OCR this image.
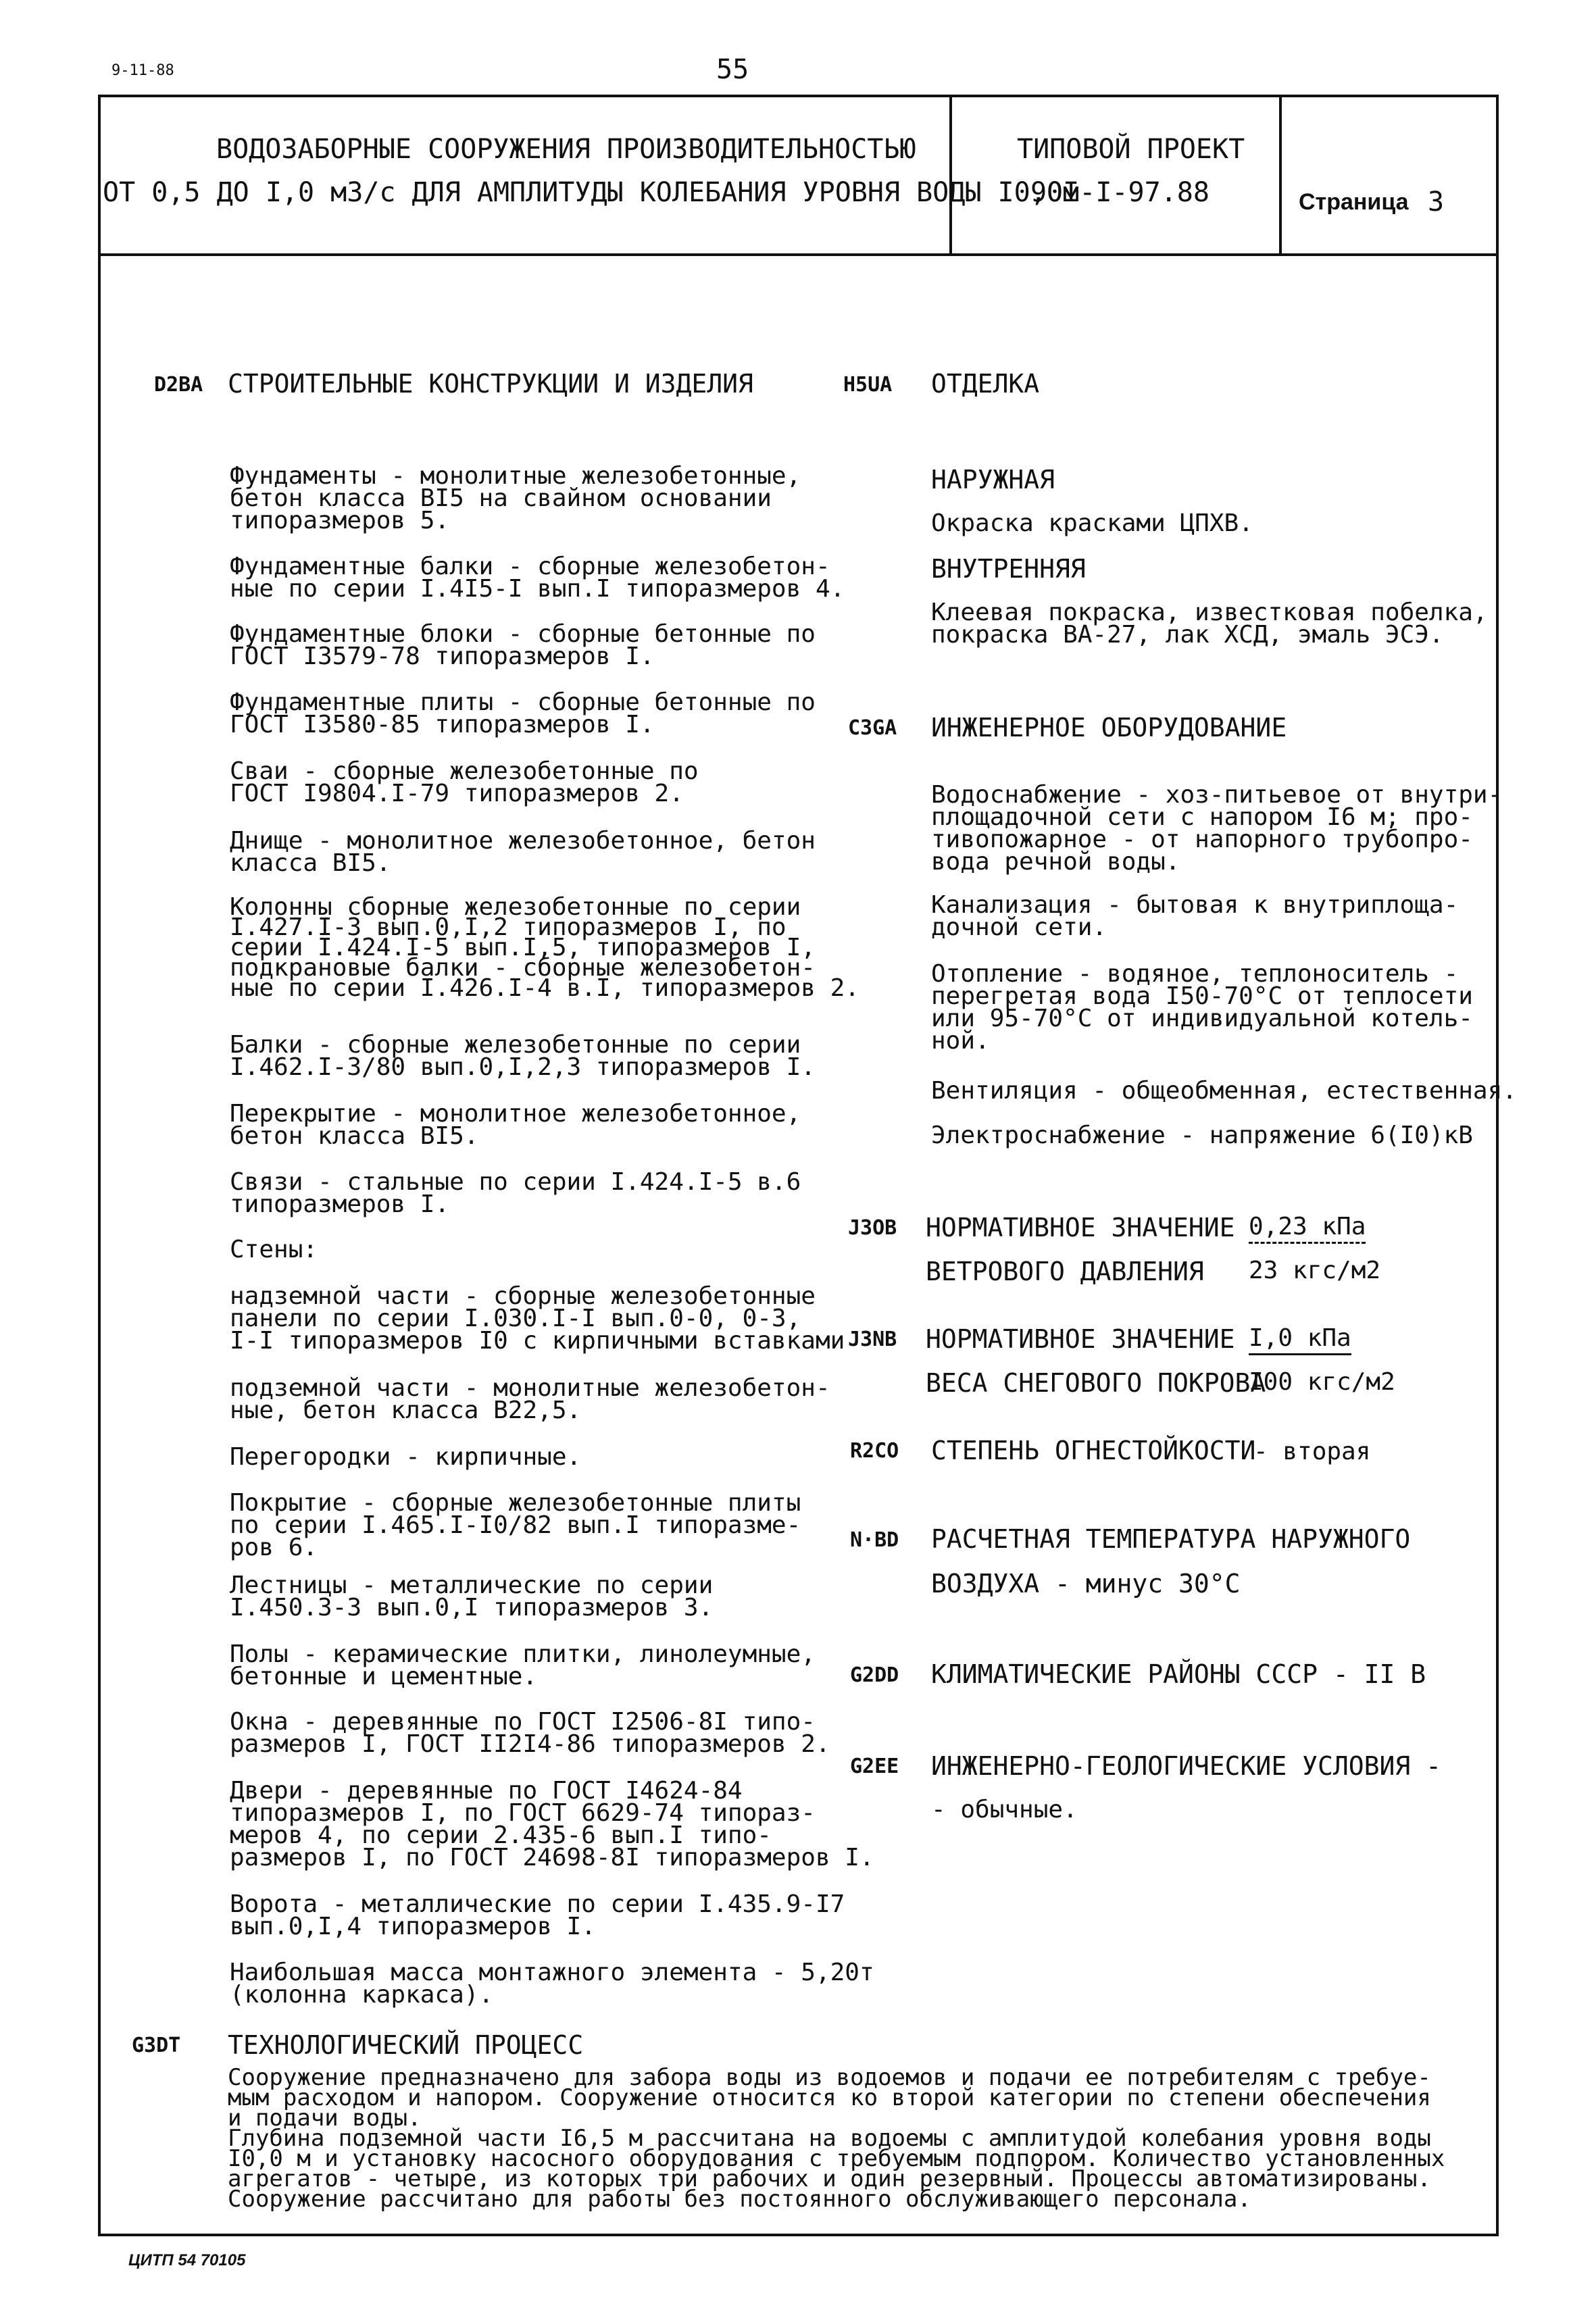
9-11-88	55
ВОДОЗАБОРНЫЕ СООРУЖЕНИЯ ПРОИЗВОДИТЕЛЬНОСТЬЮ
ОТ 0,5 ДО I,0 м3/с ДЛЯ АМПЛИТУДЫ КОЛЕБАНИЯ УРОВНЯ ВОДЫ I0,0м
ТИПОВОЙ ПРОЕКТ
90I-I-97.88	Страница 3
D2BA СТРОИТЕЛЬНЫЕ КОНСТРУКЦИИ И ИЗДЕЛИЯ
Фундаменты - монолитные железобетонные,
бетон класса BI5 на свайном основании
типоразмеров 5.
Фундаментные балки - сборные железобетон-
ные по серии I.4I5-I вып.I типоразмеров 4.
Фундаментные блоки - сборные бетонные по
ГОСТ I3579-78 типоразмеров I.
Фундаментные плиты - сборные бетонные по
ГОСТ I3580-85 типоразмеров I.
Сваи - сборные железобетонные по
ГОСТ I9804.I-79 типоразмеров 2.
Днище - монолитное железобетонное, бетон
класса BI5.
Колонны сборные железобетонные по серии
I.427.I-3 вып.0,I,2 типоразмеров I, по
серии I.424.I-5 вып.I,5, типоразмеров I,
подкрановые балки - сборные железобетон-
ные по серии I.426.I-4 в.I, типоразмеров 2.
Балки - сборные железобетонные по серии
I.462.I-3/80 вып.0,I,2,3 типоразмеров I.
Перекрытие - монолитное железобетонное,
бетон класса BI5.
Связи - стальные по серии I.424.I-5 в.6
типоразмеров I.
Стены:
надземной части - сборные железобетонные
панели по серии I.030.I-I вып.0-0, 0-3,
I-I типоразмеров I0 с кирпичными вставками
подземной части - монолитные железобетон-
ные, бетон класса B22,5.
Перегородки - кирпичные.
Покрытие - сборные железобетонные плиты
по серии I.465.I-I0/82 вып.I типоразме-
ров 6.
Лестницы - металлические по серии
I.450.3-3 вып.0,I типоразмеров 3.
Полы - керамические плитки, линолеумные,
бетонные и цементные.
Окна - деревянные по ГОСТ I2506-8I типо-
размеров I, ГОСТ II2I4-86 типоразмеров 2.
Двери - деревянные по ГОСТ I4624-84
типоразмеров I, по ГОСТ 6629-74 типораз-
меров 4, по серии 2.435-6 вып.I типо-
размеров I, по ГОСТ 24698-8I типоразмеров I.
Ворота - металлические по серии I.435.9-I7
вып.0,I,4 типоразмеров I.
Наибольшая масса монтажного элемента - 5,20т
(колонна каркаса).
H5UA ОТДЕЛКА
НАРУЖНАЯ
Окраска красками ЦПХВ.
ВНУТРЕННЯЯ
Клеевая покраска, известковая побелка,
покраска ВА-27, лак ХСД, эмаль ЭСЭ.
C3GA ИНЖЕНЕРНОЕ ОБОРУДОВАНИЕ
Водоснабжение - хоз-питьевое от внутри-
площадочной сети с напором I6 м; про-
тивопожарное - от напорного трубопро-
вода речной воды.
Канализация - бытовая к внутриплоща-
дочной сети.
Отопление - водяное, теплоноситель -
перегретая вода I50-70°С от теплосети
или 95-70°С от индивидуальной котель-
ной.
Вентиляция - общеобменная, естественная.
Электроснабжение - напряжение 6(I0)кВ
J3OB НОРМАТИВНОЕ ЗНАЧЕНИЕ
ВЕТРОВОГО ДАВЛЕНИЯ
0,23 кПа
23 кгс/м2
J3NB НОРМАТИВНОЕ ЗНАЧЕНИЕ
ВЕСА СНЕГОВОГО ПОКРОВА
I,0 кПа
I00 кгс/м2
R2CO СТЕПЕНЬ ОГНЕСТОЙКОСТИ
- вторая
N·BD РАСЧЕТНАЯ ТЕМПЕРАТУРА НАРУЖНОГО
ВОЗДУХА - минус 30°С
G2DD КЛИМАТИЧЕСКИЕ РАЙОНЫ СССР - II В
G2EE ИНЖЕНЕРНО-ГЕОЛОГИЧЕСКИЕ УСЛОВИЯ -
- обычные.
G3DT ТЕХНОЛОГИЧЕСКИЙ ПРОЦЕСС
Сооружение предназначено для забора воды из водоемов и подачи ее потребителям с требуе-
мым расходом и напором. Сооружение относится ко второй категории по степени обеспечения
и подачи воды.
Глубина подземной части I6,5 м рассчитана на водоемы с амплитудой колебания уровня воды
I0,0 м и установку насосного оборудования с требуемым подпором. Количество установленных
агрегатов - четыре, из которых три рабочих и один резервный. Процессы автоматизированы.
Сооружение рассчитано для работы без постоянного обслуживающего персонала.
ЦИТП 54 70105
